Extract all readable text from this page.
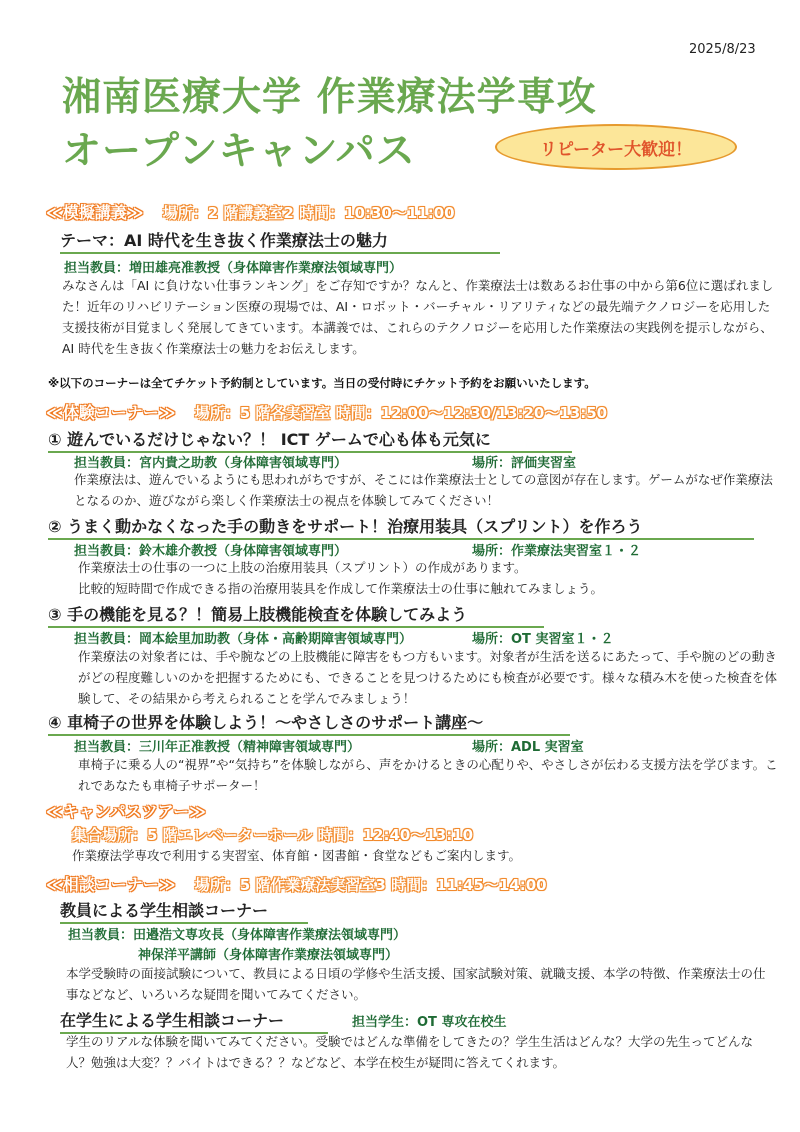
2025/8/23
湘南医療大学 作業療法学専攻
オープンキャンパス	リピーター大歓迎！
≪模擬講義≫ 場所：2 階講義室2 時間：10:30〜11:00
テーマ：AI 時代を生き抜く作業療法士の魅力
担当教員：増田雄亮准教授（身体障害作業療法領域専門）
みなさんは「AI に負けない仕事ランキング」をご存知ですか？なんと、作業療法士は数あるお仕事の中から第6位に選ばれました！近年のリハビリテーション医療の現場では、AI・ロボット・バーチャル・リアリティなどの最先端テクノロジーを応用した支援技術が目覚ましく発展してきています。本講義では、これらのテクノロジーを応用した作業療法の実践例を提示しながら、AI 時代を生き抜く作業療法士の魅力をお伝えします。
※以下のコーナーは全てチケット予約制としています。当日の受付時にチケット予約をお願いいたします。
≪体験コーナー≫ 場所：5 階各実習室 時間：12:00〜12:30/13:20〜13:50
① 遊んでいるだけじゃない？！ ICT ゲームで心も体も元気に
担当教員：宮内貴之助教（身体障害領域専門）	場所：評価実習室
作業療法は、遊んでいるようにも思われがちですが、そこには作業療法士としての意図が存在します。ゲームがなぜ作業療法となるのか、遊びながら楽しく作業療法士の視点を体験してみてください！
② うまく動かなくなった手の動きをサポート！治療用装具（スプリント）を作ろう
担当教員：鈴木雄介教授（身体障害領域専門）	場所：作業療法実習室１・２
作業療法士の仕事の一つに上肢の治療用装具（スプリント）の作成があります。
比較的短時間で作成できる指の治療用装具を作成して作業療法士の仕事に触れてみましょう。
③ 手の機能を見る？！簡易上肢機能検査を体験してみよう
担当教員：岡本絵里加助教（身体・高齢期障害領域専門）	場所：OT 実習室１・２
作業療法の対象者には、手や腕などの上肢機能に障害をもつ方もいます。対象者が生活を送るにあたって、手や腕のどの動きがどの程度難しいのかを把握するためにも、できることを見つけるためにも検査が必要です。様々な積み木を使った検査を体験して、その結果から考えられることを学んでみましょう！
④ 車椅子の世界を体験しよう！〜やさしさのサポート講座〜
担当教員：三川年正准教授（精神障害領域専門）	場所：ADL 実習室
車椅子に乗る人の“視界”や“気持ち”を体験しながら、声をかけるときの心配りや、やさしさが伝わる支援方法を学びます。これであなたも車椅子サポーター！
≪キャンパスツアー≫
集合場所：5 階エレベーターホール 時間：12:40〜13:10
作業療法学専攻で利用する実習室、体育館・図書館・食堂などもご案内します。
≪相談コーナー≫ 場所：5 階作業療法実習室3 時間：11:45〜14:00
教員による学生相談コーナー
担当教員：田邉浩文専攻長（身体障害作業療法領域専門）
神保洋平講師（身体障害作業療法領域専門）
本学受験時の面接試験について、教員による日頃の学修や生活支援、国家試験対策、就職支援、本学の特徴、作業療法士の仕事などなど、いろいろな疑問を聞いてみてください。
在学生による学生相談コーナー	担当学生：OT 専攻在校生
学生のリアルな体験を聞いてみてください。受験ではどんな準備をしてきたの？学生生活はどんな？大学の先生ってどんな人？勉強は大変？？バイトはできる？？などなど、本学在校生が疑問に答えてくれます。
